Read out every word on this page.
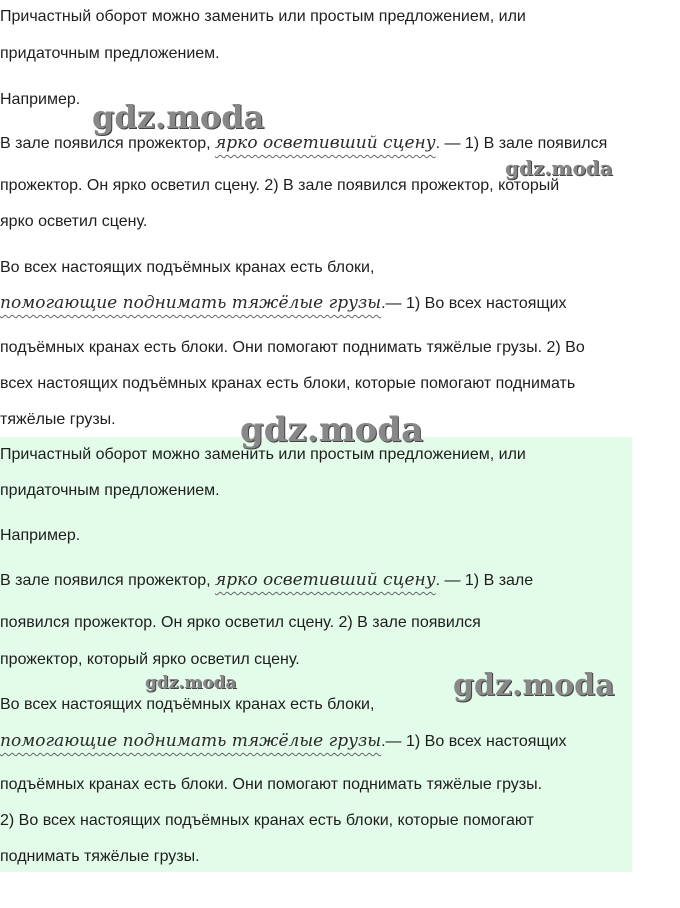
Причастный оборот можно заменить или простым предложением, или
придаточным предложением.
Например.
В зале появился прожектор, ярко осветивший сцену. — 1) В зале появился
прожектор. Он ярко осветил сцену. 2) В зале появился прожектор, который
ярко осветил сцену.
Во всех настоящих подъёмных кранах есть блоки,
помогающие поднимать тяжёлые грузы.— 1) Во всех настоящих
подъёмных кранах есть блоки. Они помогают поднимать тяжёлые грузы. 2) Во
всех настоящих подъёмных кранах есть блоки, которые помогают поднимать
тяжёлые грузы.
Причастный оборот можно заменить или простым предложением, или
придаточным предложением.
Например.
В зале появился прожектор, ярко осветивший сцену. — 1) В зале
появился прожектор. Он ярко осветил сцену. 2) В зале появился
прожектор, который ярко осветил сцену.
Во всех настоящих подъёмных кранах есть блоки,
помогающие поднимать тяжёлые грузы.— 1) Во всех настоящих
подъёмных кранах есть блоки. Они помогают поднимать тяжёлые грузы.
2) Во всех настоящих подъёмных кранах есть блоки, которые помогают
поднимать тяжёлые грузы.
gdz.moda
gdz.moda
gdz.moda
gdz.moda	gdz.moda
